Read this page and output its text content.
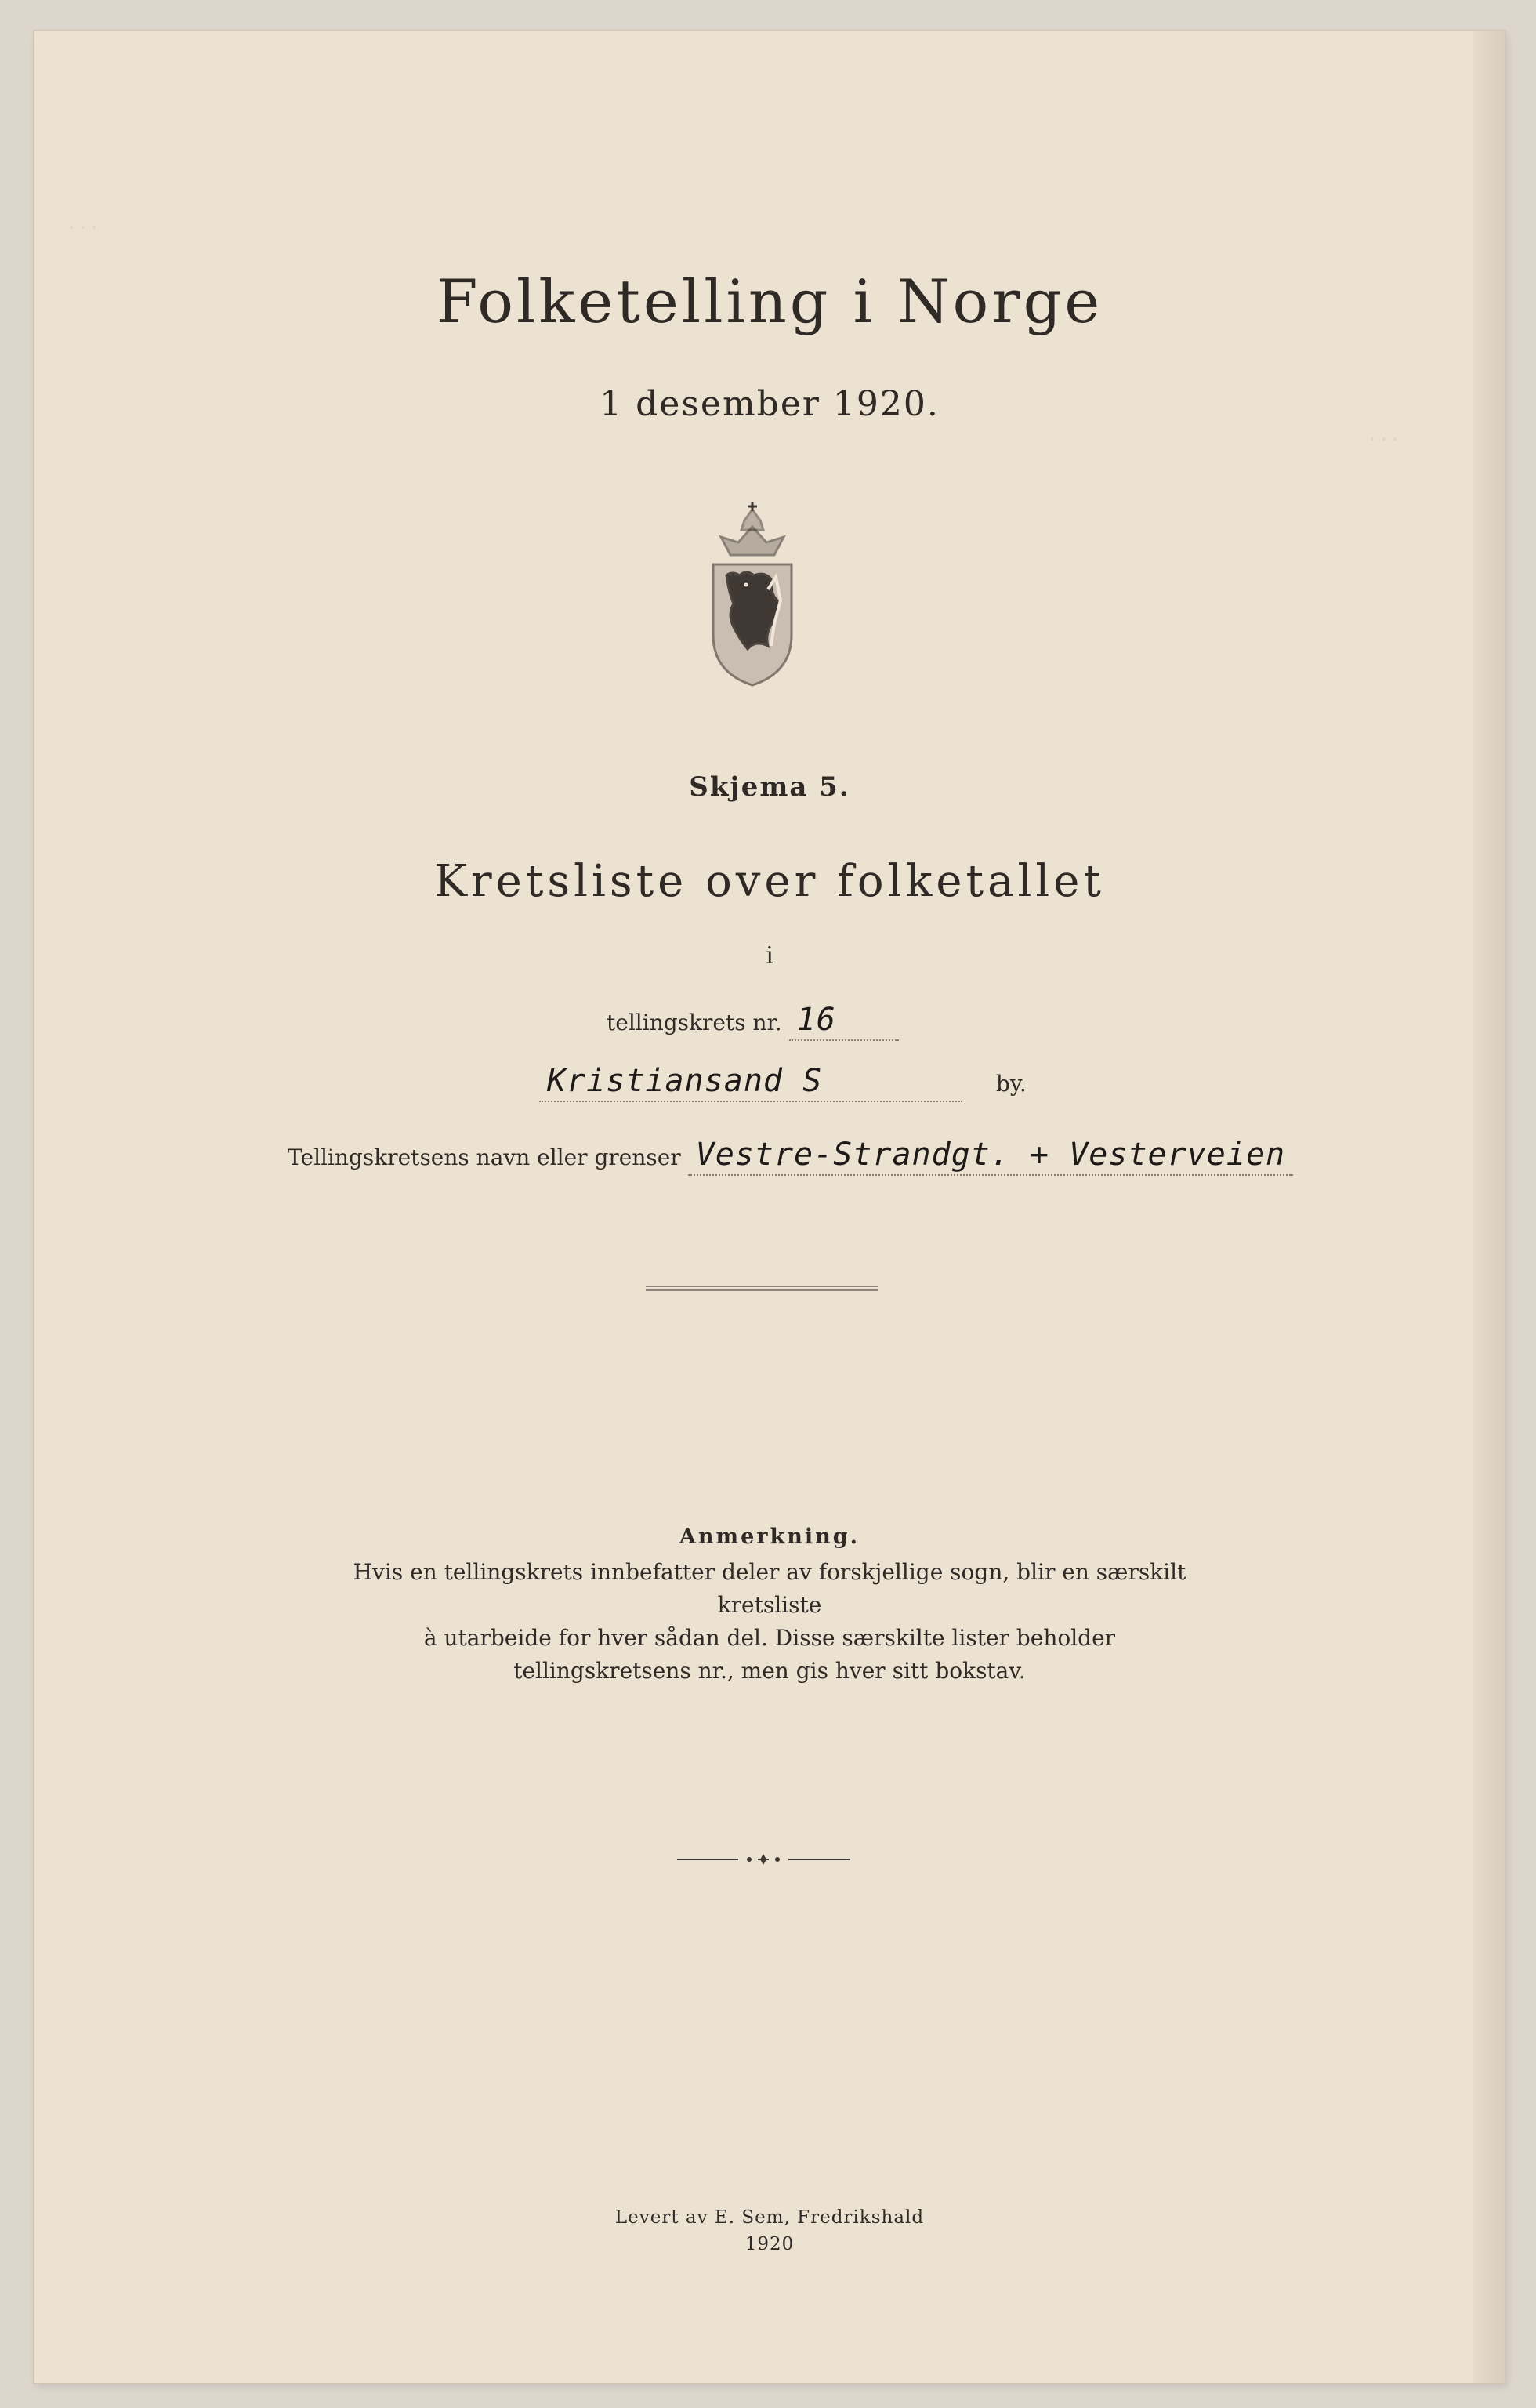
...
...
Folketelling i Norge
1 desember 1920.
Skjema 5.
Kretsliste over folketallet
i
tellingskrets nr. 16
Kristiansand S	by.
Tellingskretsens navn eller grenser Vestre-Strandgt. + Vesterveien
Anmerkning.
Hvis en tellingskrets innbefatter deler av forskjellige sogn, blir en særskilt kretsliste
à utarbeide for hver sådan del. Disse særskilte lister beholder
tellingskretsens nr., men gis hver sitt bokstav.
Levert av E. Sem, Fredrikshald
1920
